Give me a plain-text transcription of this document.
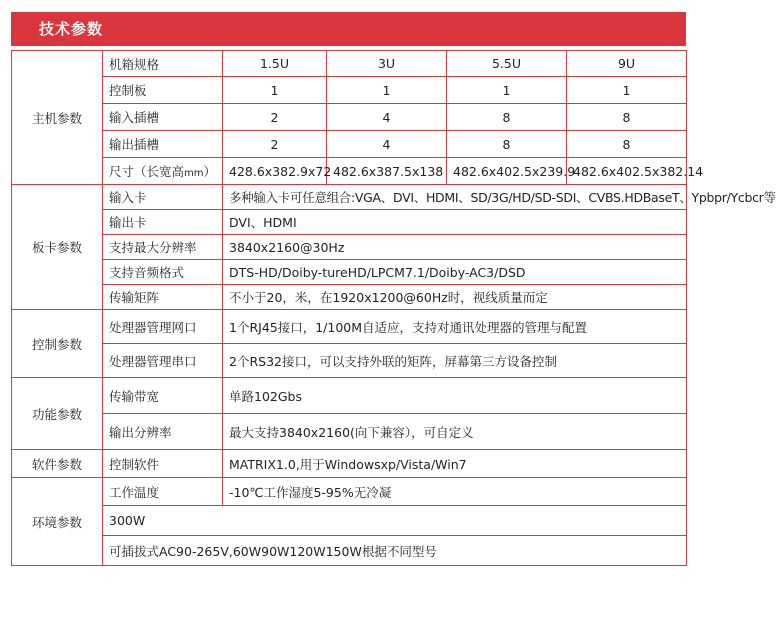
技术参数
主机参数	机箱规格	1.5U	3U	5.5U	9U
	控制板	1	1	1	1
	输入插槽	2	4	8	8
	输出插槽	2	4	8	8
	尺寸（长宽高mm）	428.6x382.9x72	482.6x387.5x138	482.6x402.5x239.9	482.6x402.5x382.14
板卡参数	输入卡	多种输入卡可任意组合:VGA、DVI、HDMI、SD/3G/HD/SD-SDI、CVBS.HDBaseT、Ypbpr/Ycbcr等			
	输出卡	DVI、HDMI			
	支持最大分辨率	3840x2160@30Hz			
	支持音频格式	DTS-HD/Doiby-tureHD/LPCM7.1/Doiby-AC3/DSD			
	传输矩阵	不小于20，米，在1920x1200@60Hz时，视线质量而定			
控制参数	处理器管理网口	1个RJ45接口，1/100M自适应，支持对通讯处理器的管理与配置			
	处理器管理串口	2个RS32接口，可以支持外联的矩阵，屏幕第三方设备控制			
功能参数	传输带宽	单路102Gbs			
	输出分辨率	最大支持3840x2160(向下兼容），可自定义			
软件参数	控制软件	MATRIX1.0,用于Windowsxp/Vista/Win7			
环境参数	工作温度	-10℃工作湿度5-95%无冷凝			
	300W				
	可插拔式AC90-265V,60W90W120W150W根据不同型号				
